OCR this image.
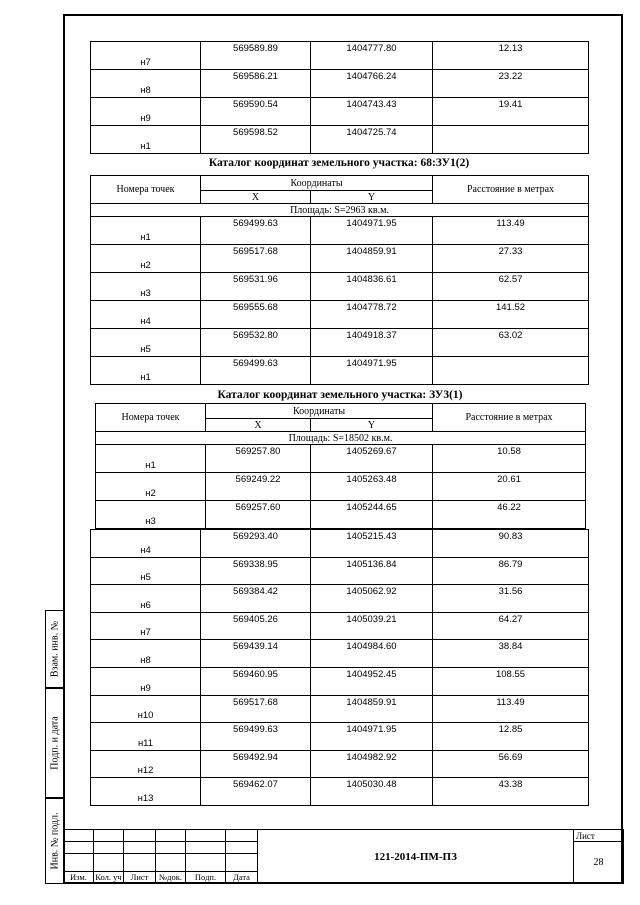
Взам. инв. №
Подп. и дата
Инв. № подл.
н7	569589.89	1404777.80	12.13
н8	569586.21	1404766.24	23.22
н9	569590.54	1404743.43	19.41
н1	569598.52	1404725.74	
Каталог координат земельного участка: 68:ЗУ1(2)
Номера точек	Координаты		Расстояние в метрах
	X	Y	
Площадь: S=2963 кв.м.			
н1	569499.63	1404971.95	113.49
н2	569517.68	1404859.91	27.33
н3	569531.96	1404836.61	62.57
н4	569555.68	1404778.72	141.52
н5	569532.80	1404918.37	63.02
н1	569499.63	1404971.95	
Каталог координат земельного участка: ЗУ3(1)
Номера точек	Координаты		Расстояние в метрах
	X	Y	
Площадь: S=18502 кв.м.			
н1	569257.80	1405269.67	10.58
н2	569249.22	1405263.48	20.61
н3	569257.60	1405244.65	46.22
н4	569293.40	1405215.43	90.83
н5	569338.95	1405136.84	86.79
н6	569384.42	1405062.92	31.56
н7	569405.26	1405039.21	64.27
н8	569439.14	1404984.60	38.84
н9	569460.95	1404952.45	108.55
н10	569517.68	1404859.91	113.49
н11	569499.63	1404971.95	12.85
н12	569492.94	1404982.92	56.69
н13	569462.07	1405030.48	43.38
						121-2014-ПМ-ПЗ	Лист
							28

Изм.	Кол. уч	Лист	№док.	Подп.	Дата		
